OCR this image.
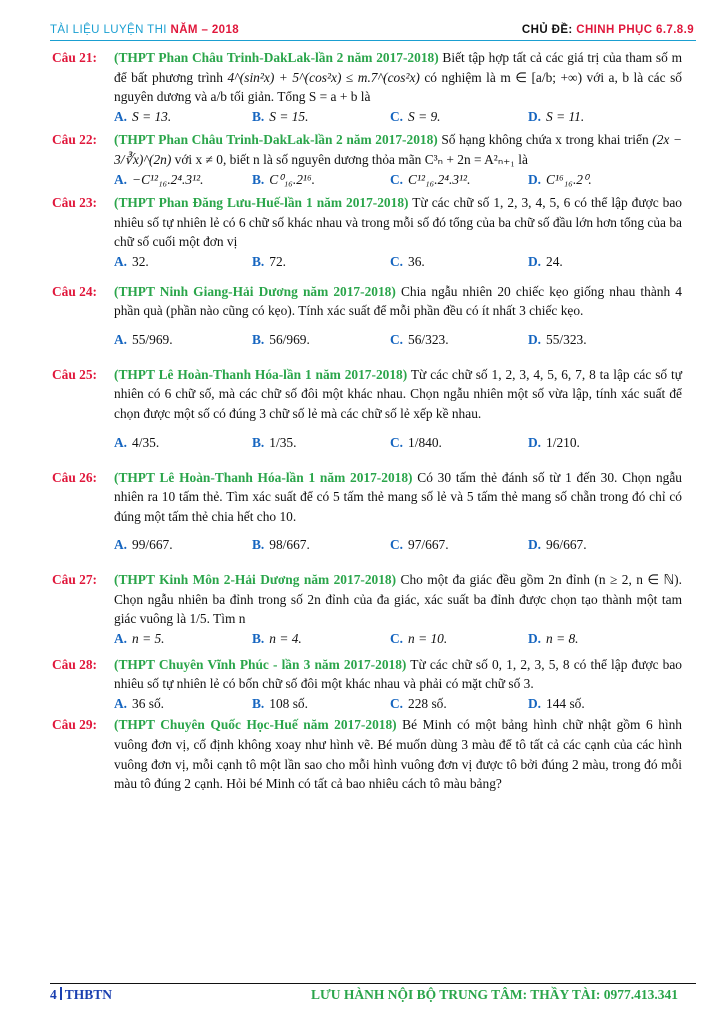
TÀI LIỆU LUYỆN THI NĂM – 2018	CHỦ ĐỀ: CHINH PHỤC 6.7.8.9
Câu 21:	(THPT Phan Châu Trinh-DakLak-lần 2 năm 2017-2018) Biết tập hợp tất cả các giá trị của tham số m để bất phương trình 4^(sin²x) + 5^(cos²x) ≤ m.7^(cos²x) có nghiệm là m ∈ [a/b; +∞) với a, b là các số nguyên dương và a/b tối giản. Tổng S = a + b là
A. S = 13.	B. S = 15.	C. S = 9.	D. S = 11.
Câu 22:	(THPT Phan Châu Trinh-DakLak-lần 2 năm 2017-2018) Số hạng không chứa x trong khai triển (2x − 3/∛x)^(2n) với x ≠ 0, biết n là số nguyên dương thỏa mãn C³ₙ + 2n = A²ₙ₊₁ là
A. −C¹²₁₆.2⁴.3¹².	B. C⁰₁₆.2¹⁶.	C. C¹²₁₆.2⁴.3¹².	D. C¹⁶₁₆.2⁰.
Câu 23:	(THPT Phan Đăng Lưu-Huế-lần 1 năm 2017-2018) Từ các chữ số 1, 2, 3, 4, 5, 6 có thể lập được bao nhiêu số tự nhiên lẻ có 6 chữ số khác nhau và trong mỗi số đó tổng của ba chữ số đầu lớn hơn tổng của ba chữ số cuối một đơn vị
A. 32.	B. 72.	C. 36.	D. 24.
Câu 24:	(THPT Ninh Giang-Hải Dương năm 2017-2018) Chia ngẫu nhiên 20 chiếc kẹo giống nhau thành 4 phần quà (phần nào cũng có kẹo). Tính xác suất để mỗi phần đều có ít nhất 3 chiếc kẹo.
A. 55/969.	B. 56/969.	C. 56/323.	D. 55/323.
Câu 25:	(THPT Lê Hoàn-Thanh Hóa-lần 1 năm 2017-2018) Từ các chữ số 1, 2, 3, 4, 5, 6, 7, 8 ta lập các số tự nhiên có 6 chữ số, mà các chữ số đôi một khác nhau. Chọn ngẫu nhiên một số vừa lập, tính xác suất để chọn được một số có đúng 3 chữ số lẻ mà các chữ số lẻ xếp kề nhau.
A. 4/35.	B. 1/35.	C. 1/840.	D. 1/210.
Câu 26:	(THPT Lê Hoàn-Thanh Hóa-lần 1 năm 2017-2018) Có 30 tấm thẻ đánh số từ 1 đến 30. Chọn ngẫu nhiên ra 10 tấm thẻ. Tìm xác suất để có 5 tấm thẻ mang số lẻ và 5 tấm thẻ mang số chẵn trong đó chỉ có đúng một tấm thẻ chia hết cho 10.
A. 99/667.	B. 98/667.	C. 97/667.	D. 96/667.
Câu 27:	(THPT Kinh Môn 2-Hải Dương năm 2017-2018) Cho một đa giác đều gồm 2n đỉnh (n ≥ 2, n ∈ ℕ). Chọn ngẫu nhiên ba đỉnh trong số 2n đỉnh của đa giác, xác suất ba đỉnh được chọn tạo thành một tam giác vuông là 1/5. Tìm n
A. n = 5.	B. n = 4.	C. n = 10.	D. n = 8.
Câu 28:	(THPT Chuyên Vĩnh Phúc - lần 3 năm 2017-2018) Từ các chữ số 0, 1, 2, 3, 5, 8 có thể lập được bao nhiêu số tự nhiên lẻ có bốn chữ số đôi một khác nhau và phải có mặt chữ số 3.
A. 36 số.	B. 108 số.	C. 228 số.	D. 144 số.
Câu 29:	(THPT Chuyên Quốc Học-Huế năm 2017-2018) Bé Minh có một bảng hình chữ nhật gồm 6 hình vuông đơn vị, cố định không xoay như hình vẽ. Bé muốn dùng 3 màu để tô tất cả các cạnh của các hình vuông đơn vị, mỗi cạnh tô một lần sao cho mỗi hình vuông đơn vị được tô bởi đúng 2 màu, trong đó mỗi màu tô đúng 2 cạnh. Hỏi bé Minh có tất cả bao nhiêu cách tô màu bảng?
4 THBTN	LƯU HÀNH NỘI BỘ TRUNG TÂM: THẦY TÀI: 0977.413.341
